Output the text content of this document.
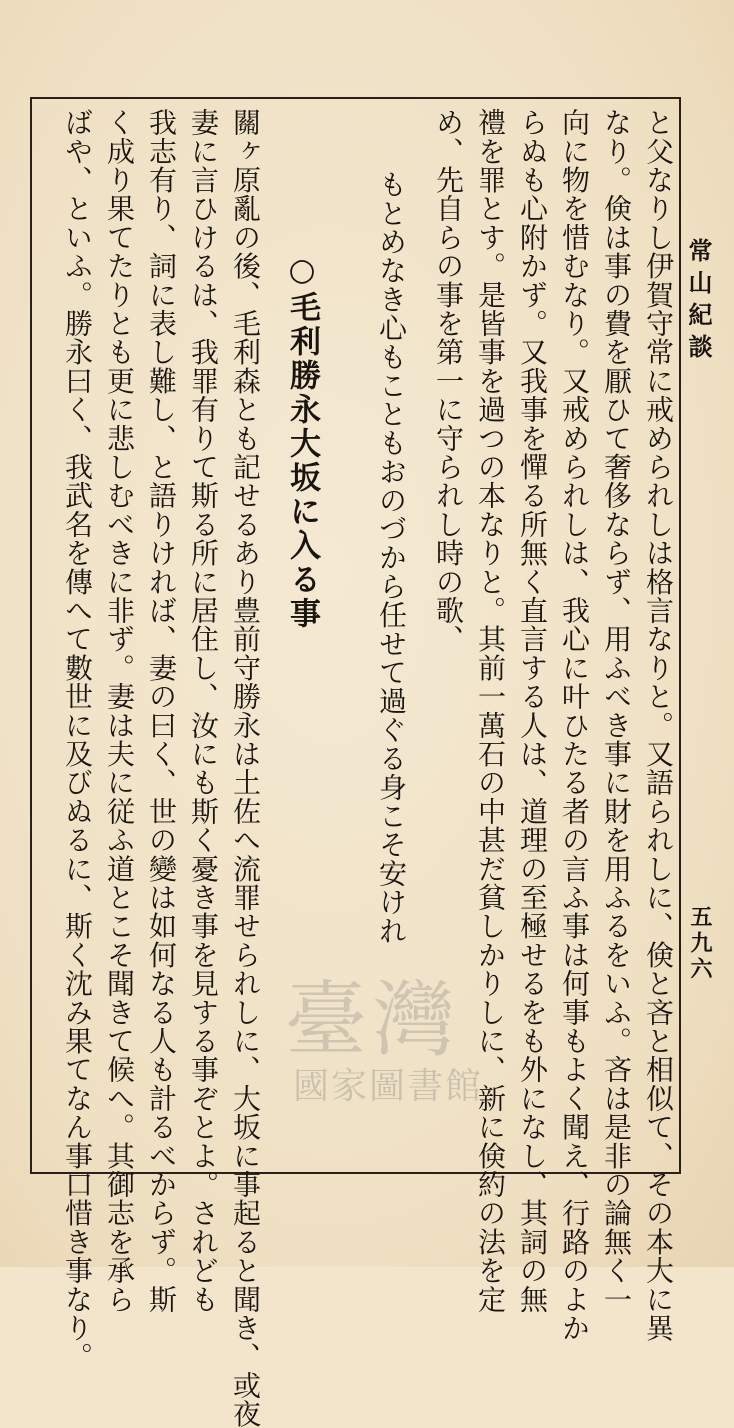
常山紀談
五九六
と父なりし伊賀守常に戒められしは格言なりと。又語られしに、倹と吝と相似て、その本大に異
なり。倹は事の費を厭ひて奢侈ならず、用ふべき事に財を用ふるをいふ。吝は是非の論無く一
向に物を惜むなり。又戒められしは、我心に叶ひたる者の言ふ事は何事もよく聞え、行路のよか
らぬも心附かず。又我事を憚る所無く直言する人は、道理の至極せるをも外になし、其詞の無
禮を罪とす。是皆事を過つの本なりと。其前一萬石の中甚だ貧しかりしに、新に倹約の法を定
め、先自らの事を第一に守られし時の歌、
もとめなき心もこともおのづから任せて過ぐる身こそ安けれ
○毛利勝永大坂に入る事
關ヶ原亂の後、毛利森とも記せるあり豊前守勝永は土佐へ流罪せられしに、大坂に事起ると聞き、或夜
妻に言ひけるは、我罪有りて斯る所に居住し、汝にも斯く憂き事を見する事ぞとよ。されども
我志有り、詞に表し難し、と語りければ、妻の曰く、世の變は如何なる人も計るべからず。斯
く成り果てたりとも更に悲しむべきに非ず。妻は夫に従ふ道とこそ聞きて候へ。其御志を承ら
ばや、といふ。勝永曰く、我武名を傳へて數世に及びぬるに、斯く沈み果てなん事口惜き事なり。 臺灣
國家圖書館
